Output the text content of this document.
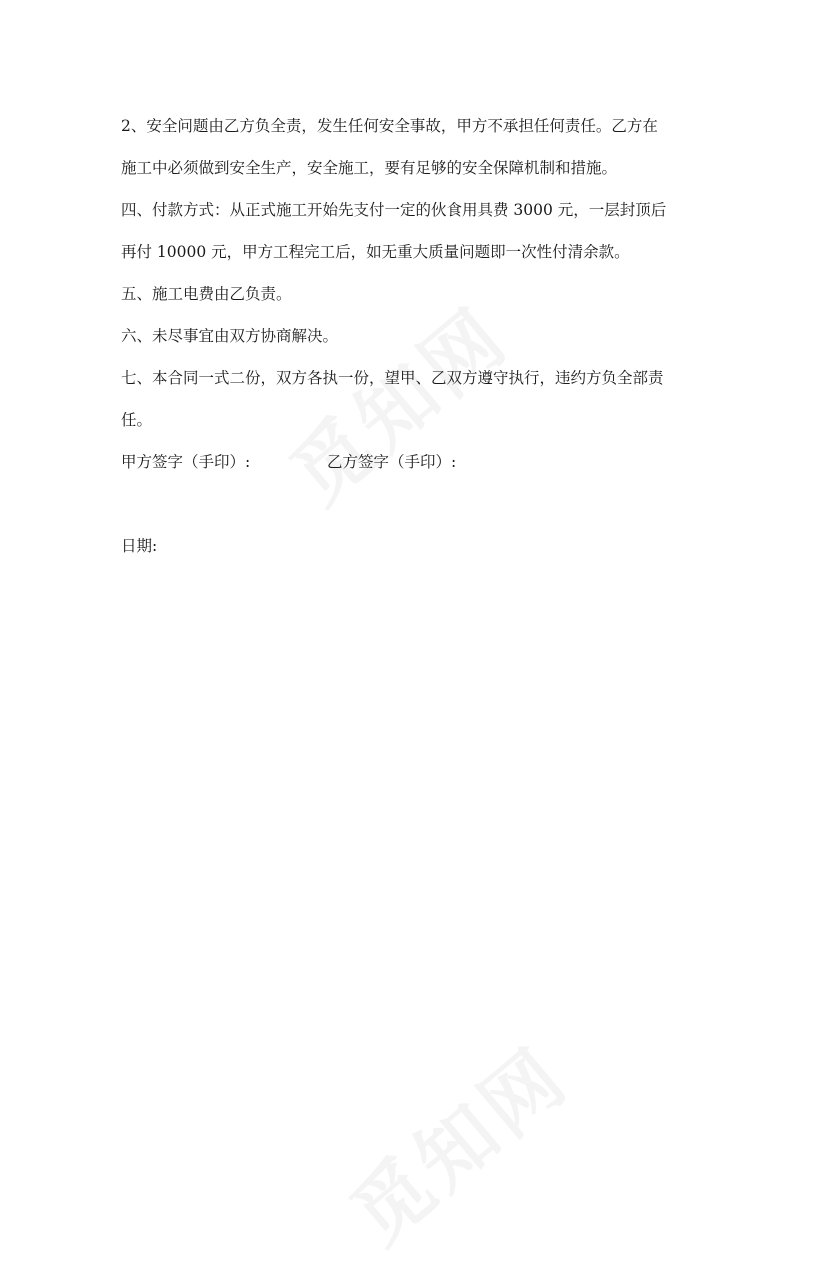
2、安全问题由乙方负全责，发生任何安全事故，甲方不承担任何责任。乙方在

施工中必须做到安全生产，安全施工，要有足够的安全保障机制和措施。

四、付款方式：从正式施工开始先支付一定的伙食用具费 3000 元，一层封顶后

再付 10000 元，甲方工程完工后，如无重大质量问题即一次性付清余款。

五、施工电费由乙负责。

六、未尽事宜由双方协商解决。

七、本合同一式二份，双方各执一份，望甲、乙双方遵守执行，违约方负全部责

任。

甲方签字（手印）:	乙方签字（手印）:

日期:
